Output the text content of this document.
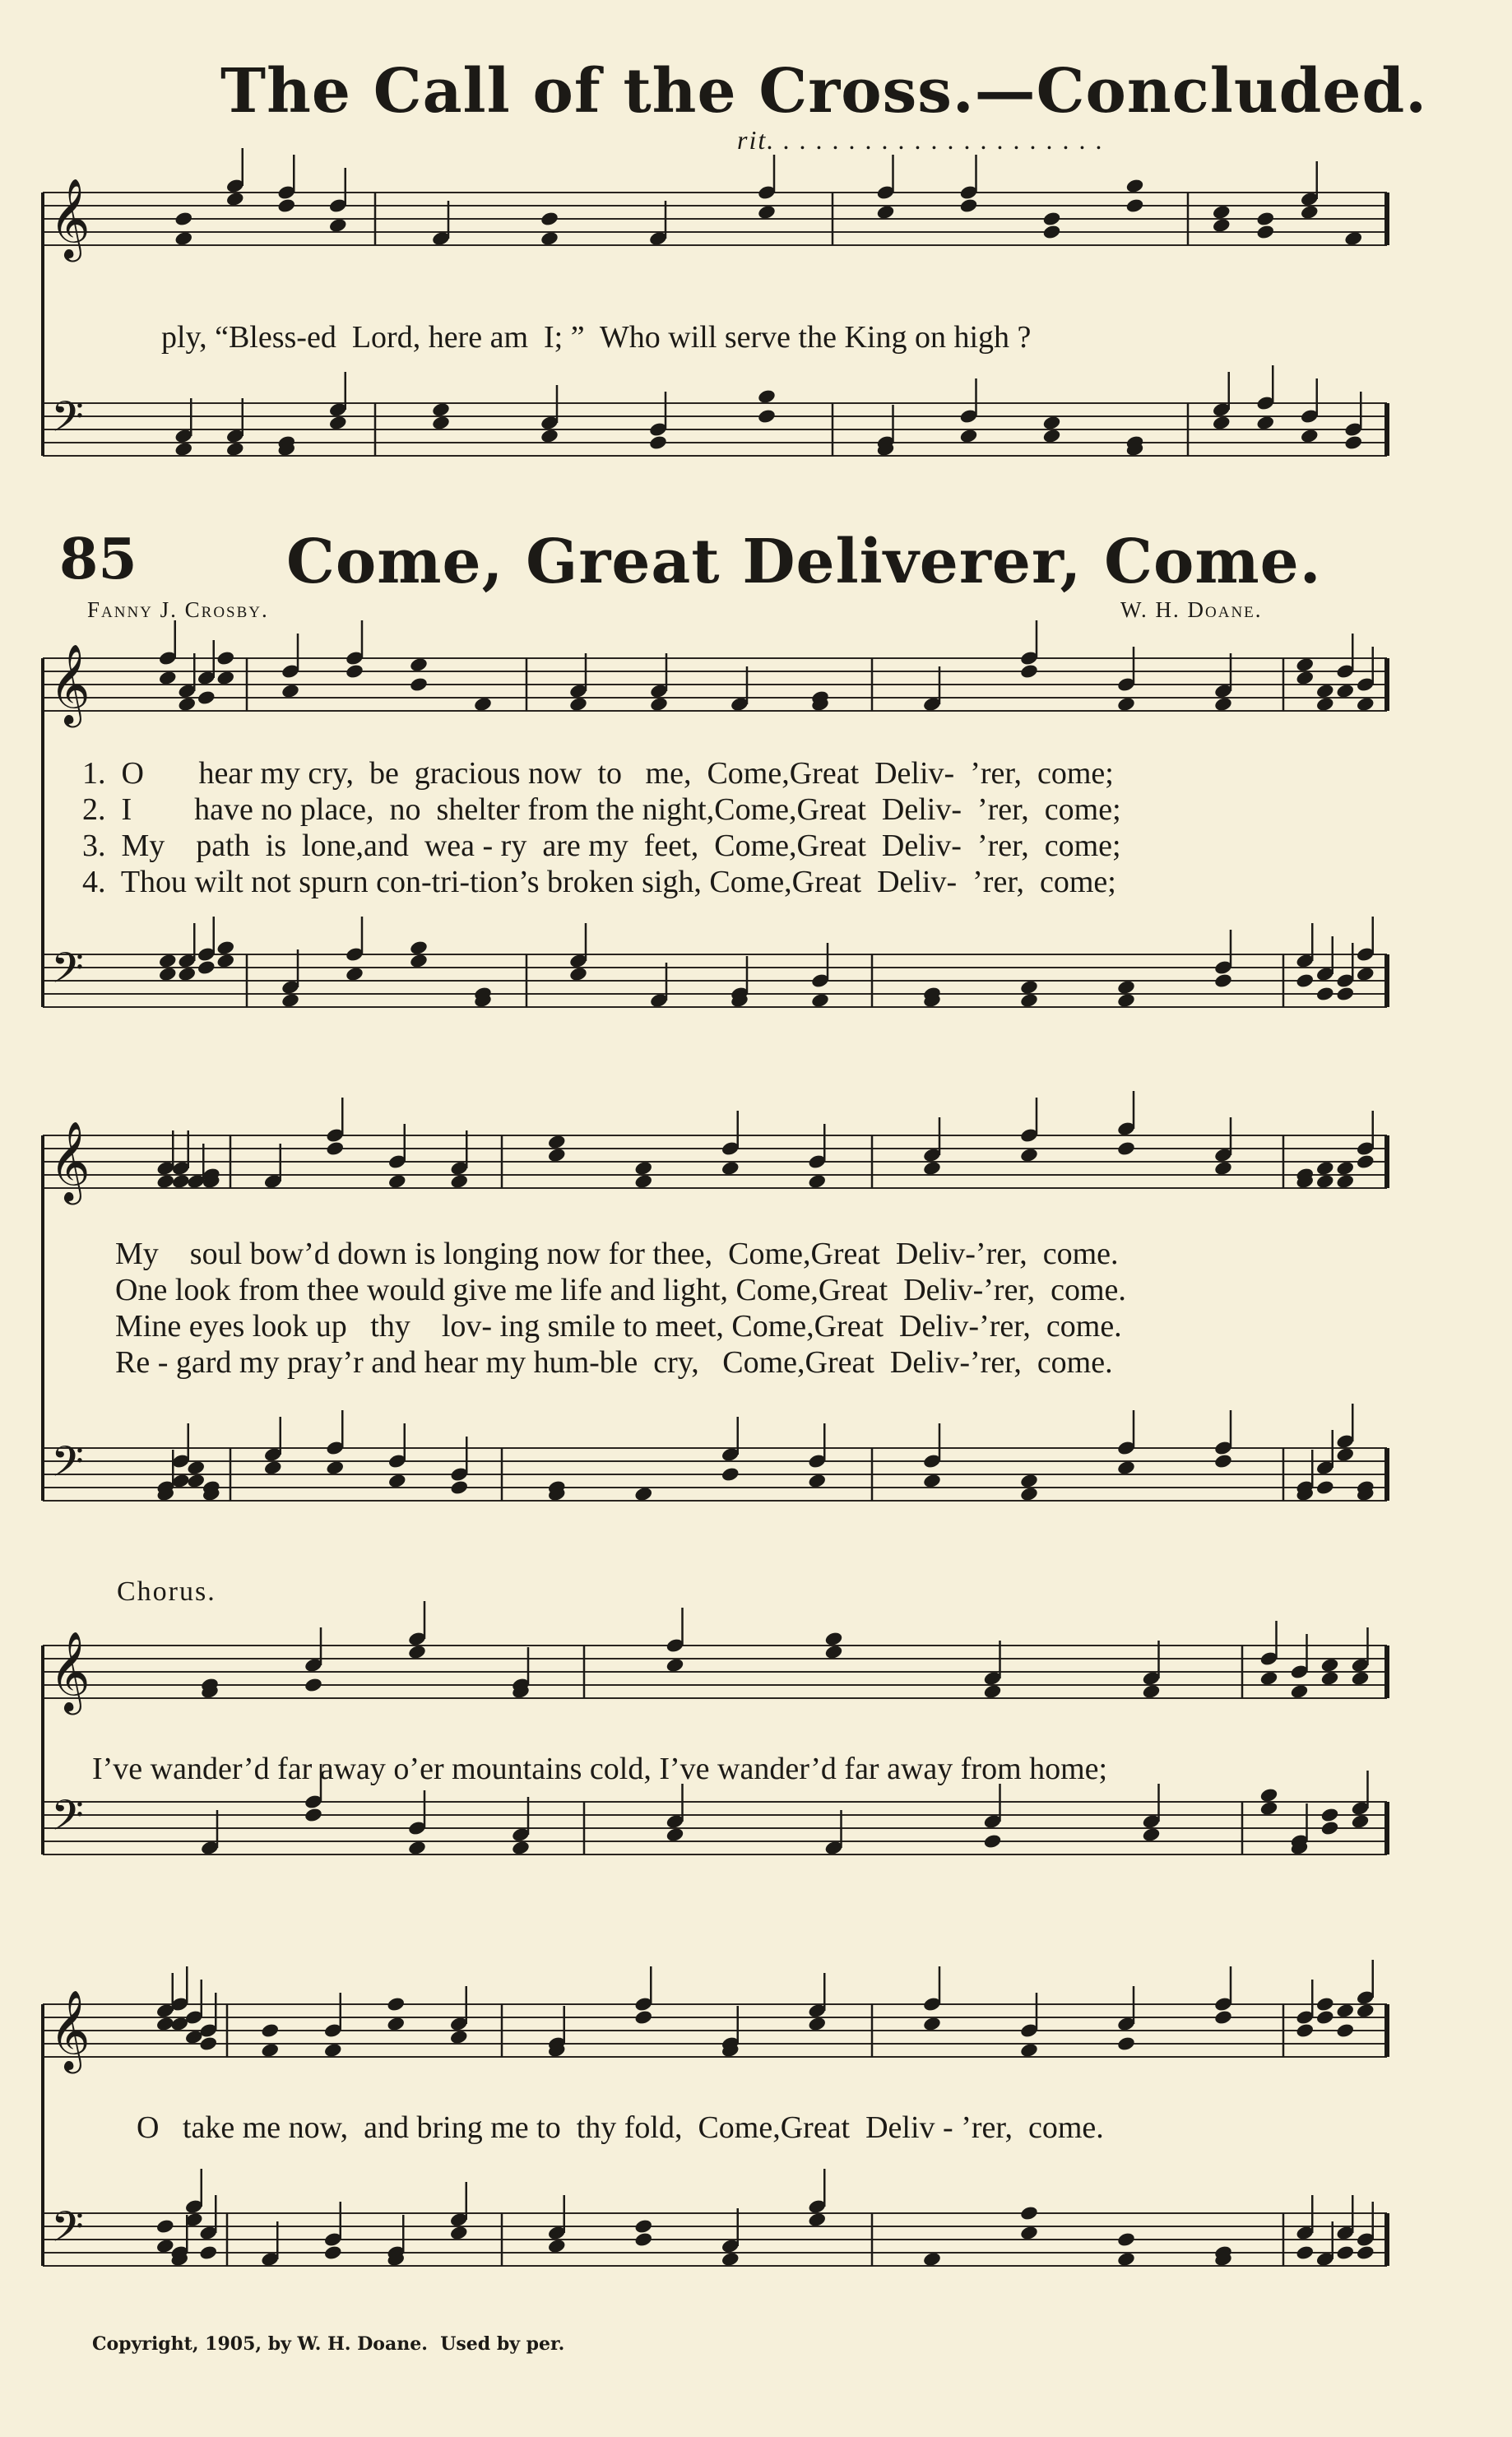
The Call of the Cross.—Concluded.
rit. . . . . . . . . . . . . . . . . . . . .
𝄞
𝄢
ply, “Bless-ed  Lord, here am  I; ”  Who will serve the King on high ?
85 Come, Great Deliverer, Come.
Fanny J. Crosby.	W. H. Doane.
𝄞
𝄢
1.  O       hear my cry,  be  gracious now  to   me,  Come,Great  Deliv-  ’rer,  come;
2.  I        have no place,  no  shelter from the night,Come,Great  Deliv-  ’rer,  come;
3.  My    path  is  lone,and  wea - ry  are my  feet,  Come,Great  Deliv-  ’rer,  come;
4.  Thou wilt not spurn con-tri-tion’s broken sigh, Come,Great  Deliv-  ’rer,  come;
𝄞
𝄢
My    soul bow’d down is longing now for thee,  Come,Great  Deliv-’rer,  come.
One look from thee would give me life and light, Come,Great  Deliv-’rer,  come.
Mine eyes look up   thy    lov- ing smile to meet, Come,Great  Deliv-’rer,  come.
Re - gard my pray’r and hear my hum-ble  cry,   Come,Great  Deliv-’rer,  come.
Chorus.
𝄞
𝄢
I’ve wander’d far away o’er mountains cold, I’ve wander’d far away from home;
𝄞
𝄢
O   take me now,  and bring me to  thy fold,  Come,Great  Deliv - ’rer,  come.
Copyright, 1905, by W. H. Doane.  Used by per.
